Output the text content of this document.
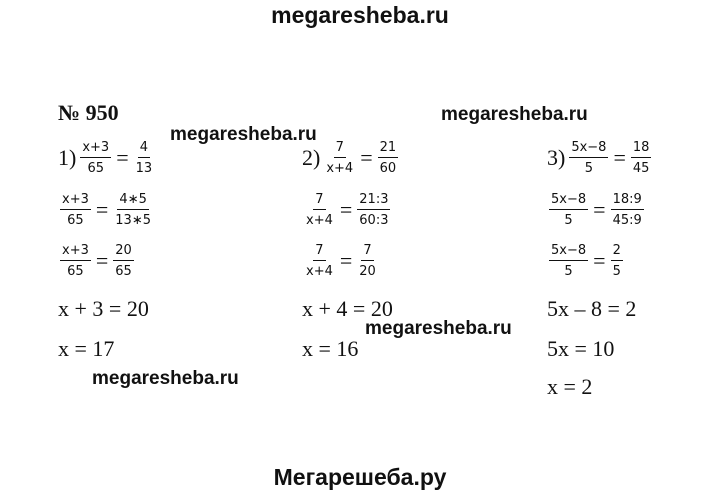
megaresheba.ru
№ 950	megaresheba.ru
megaresheba.ru
megaresheba.ru
megaresheba.ru
$1) \frac{x+3}{65} = \frac{4}{13}$
$\frac{x+3}{65} = \frac{4∗5}{13∗5}$
$\frac{x+3}{65} = \frac{20}{65}$
x + 3 = 20
x = 17
$2) \frac{7}{x+4} = \frac{21}{60}$
$\frac{7}{x+4} = \frac{21:3}{60:3}$
$\frac{7}{x+4} = \frac{7}{20}$
x + 4 = 20
x = 16
$3) \frac{5x-8}{5} = \frac{18}{45}$
$\frac{5x-8}{5} = \frac{18:9}{45:9}$
$\frac{5x-8}{5} = \frac{2}{5}$
5x – 8 = 2
5x = 10
x = 2
Мегарешеба.ру
